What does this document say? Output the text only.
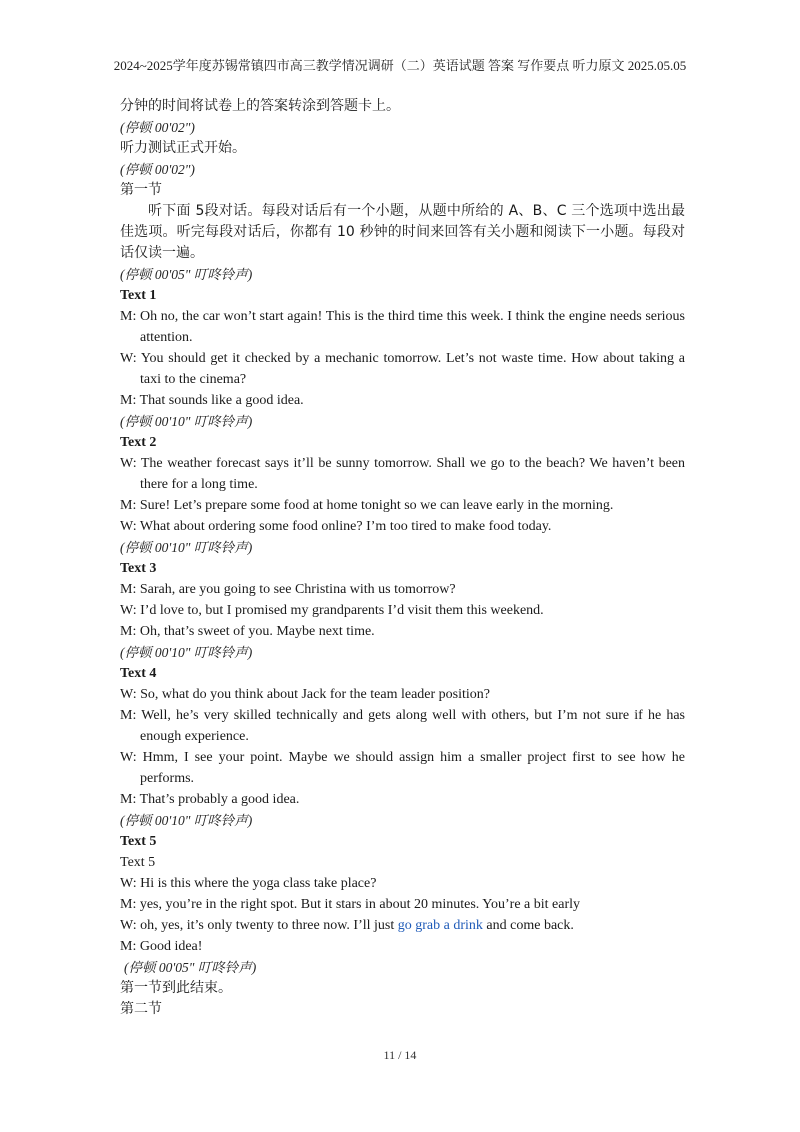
2024~2025学年度苏锡常镇四市高三教学情况调研（二）英语试题 答案 写作要点 听力原文 2025.05.05
分钟的时间将试卷上的答案转涂到答题卡上。
(停顿 00'02")
听力测试正式开始。
(停顿 00'02")
第一节
听下面 5段对话。每段对话后有一个小题，从题中所给的 A、B、C 三个选项中选出最佳选项。听完每段对话后，你都有 10 秒钟的时间来回答有关小题和阅读下一小题。每段对话仅读一遍。
(停顿 00'05" 叮咚铃声)
Text 1

M: Oh no, the car won’t start again! This is the third time this week. I think the engine needs serious attention.

W: You should get it checked by a mechanic tomorrow. Let’s not waste time. How about taking a taxi to the cinema?

M: That sounds like a good idea.

(停顿 00'10" 叮咚铃声)
Text 2

W: The weather forecast says it’ll be sunny tomorrow. Shall we go to the beach? We haven’t been there for a long time.

M: Sure! Let’s prepare some food at home tonight so we can leave early in the morning.

W: What about ordering some food online? I’m too tired to make food today.

(停顿 00'10" 叮咚铃声)
Text 3

M: Sarah, are you going to see Christina with us tomorrow?

W: I’d love to, but I promised my grandparents I’d visit them this weekend.

M: Oh, that’s sweet of you. Maybe next time.

(停顿 00'10" 叮咚铃声)
Text 4

W: So, what do you think about Jack for the team leader position?

M: Well, he’s very skilled technically and gets along well with others, but I’m not sure if he has enough experience.

W: Hmm, I see your point. Maybe we should assign him a smaller project first to see how he performs.

M: That’s probably a good idea.

(停顿 00'10" 叮咚铃声)
Text 5
Text 5

W: Hi is this where the yoga class take place?

M: yes, you’re in the right spot. But it stars in about 20 minutes. You’re a bit early

W: oh, yes, it’s only twenty to three now. I’ll just go grab a drink and come back.

M: Good idea!

(停顿 00'05" 叮咚铃声)
第一节到此结束。
第二节
11 / 14
